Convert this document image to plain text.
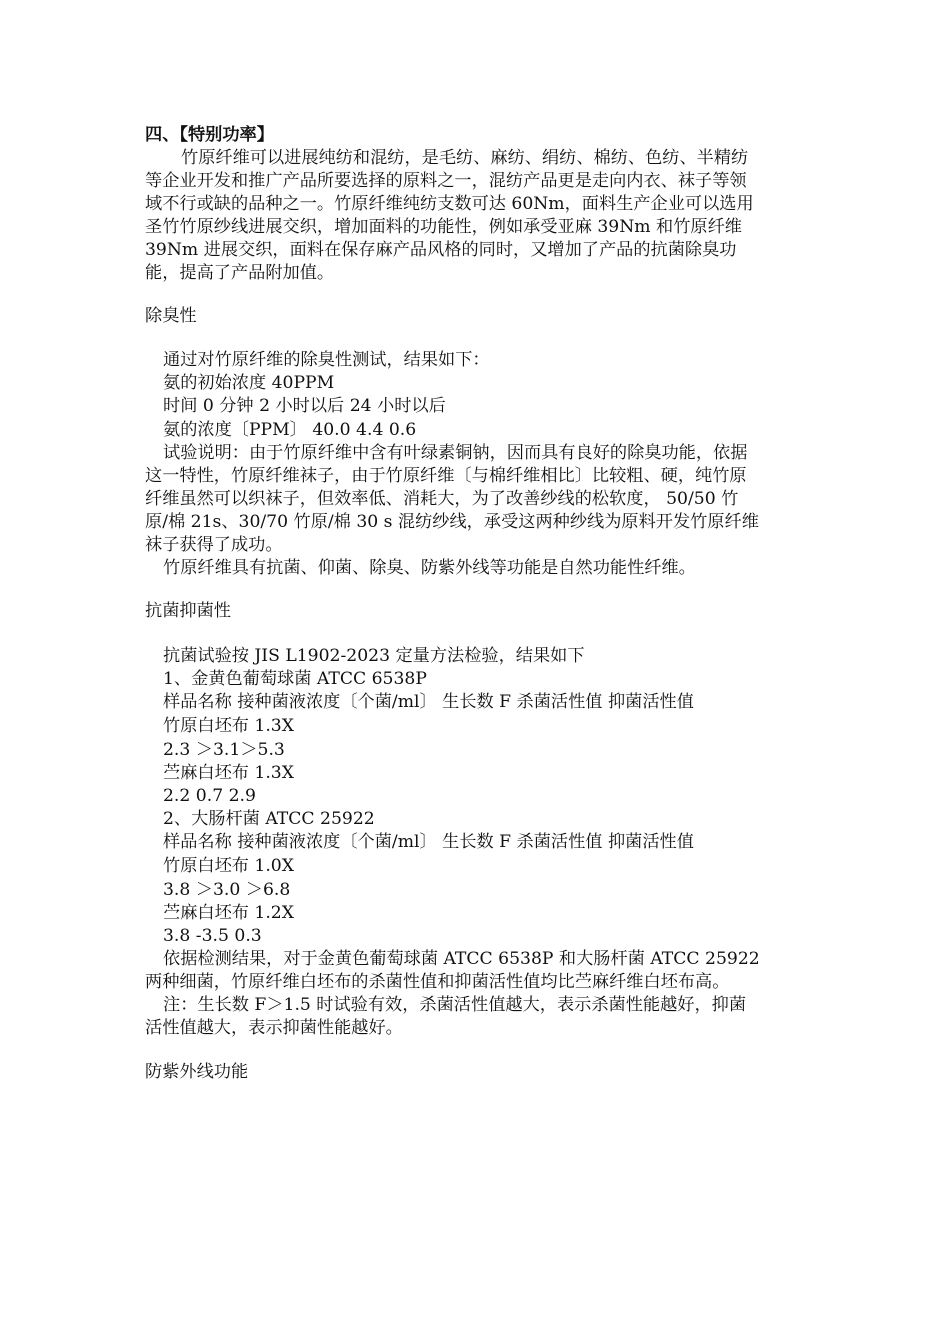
四、【特别功率】

竹原纤维可以进展纯纺和混纺，是毛纺、麻纺、绢纺、棉纺、色纺、半精纺

等企业开发和推广产品所要选择的原料之一，混纺产品更是走向内衣、袜子等领

域不行或缺的品种之一。竹原纤维纯纺支数可达 60Nm，面料生产企业可以选用

圣竹竹原纱线进展交织，增加面料的功能性，例如承受亚麻 39Nm 和竹原纤维

39Nm 进展交织，面料在保存麻产品风格的同时，又增加了产品的抗菌除臭功

能，提高了产品附加值。

除臭性

通过对竹原纤维的除臭性测试，结果如下：

氨的初始浓度 40PPM

时间 0 分钟 2 小时以后 24 小时以后

氨的浓度〔PPM〕 40.0 4.4 0.6

试验说明：由于竹原纤维中含有叶绿素铜钠，因而具有良好的除臭功能，依据

这一特性，竹原纤维袜子，由于竹原纤维〔与棉纤维相比〕比较粗、硬，纯竹原

纤维虽然可以织袜子，但效率低、消耗大，为了改善纱线的松软度， 50/50 竹

原/棉 21s、30/70 竹原/棉 30 s 混纺纱线，承受这两种纱线为原料开发竹原纤维

袜子获得了成功。

竹原纤维具有抗菌、仰菌、除臭、防紫外线等功能是自然功能性纤维。

抗菌抑菌性

抗菌试验按 JIS L1902-2023 定量方法检验，结果如下

1、金黄色葡萄球菌 ATCC 6538P

样品名称 接种菌液浓度〔个菌/ml〕 生长数 F 杀菌活性值 抑菌活性值

竹原白坯布 1.3X

2.3 ＞3.1＞5.3

苎麻白坯布 1.3X

2.2 0.7 2.9

2、大肠杆菌 ATCC 25922

样品名称 接种菌液浓度〔个菌/ml〕 生长数 F 杀菌活性值 抑菌活性值

竹原白坯布 1.0X

3.8 ＞3.0 ＞6.8

苎麻白坯布 1.2X

3.8 -3.5 0.3

依据检测结果，对于金黄色葡萄球菌 ATCC 6538P 和大肠杆菌 ATCC 25922

两种细菌，竹原纤维白坯布的杀菌性值和抑菌活性值均比苎麻纤维白坯布高。

注：生长数 F＞1.5 时试验有效，杀菌活性值越大，表示杀菌性能越好，抑菌

活性值越大，表示抑菌性能越好。

防紫外线功能
